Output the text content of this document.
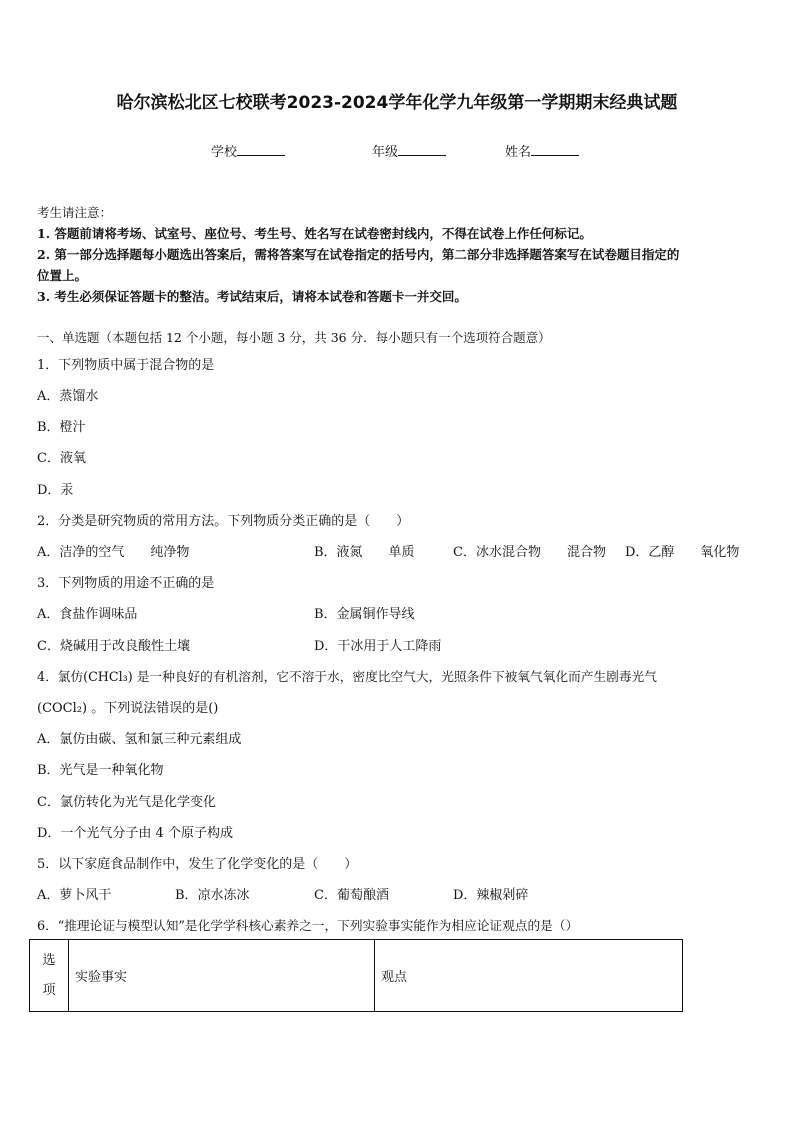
哈尔滨松北区七校联考2023-2024学年化学九年级第一学期期末经典试题
学校	年级	姓名
考生请注意：
1. 答题前请将考场、试室号、座位号、考生号、姓名写在试卷密封线内，不得在试卷上作任何标记。
2. 第一部分选择题每小题选出答案后，需将答案写在试卷指定的括号内，第二部分非选择题答案写在试卷题目指定的
位置上。
3. 考生必须保证答题卡的整洁。考试结束后，请将本试卷和答题卡一并交回。
一、单选题（本题包括 12 个小题，每小题 3 分，共 36 分．每小题只有一个选项符合题意）
1．下列物质中属于混合物的是
A．蒸馏水
B．橙汁
C．液氧
D．汞
2．分类是研究物质的常用方法。下列物质分类正确的是（　　）
A．洁净的空气　　纯净物	B．液氮　　单质	C．冰水混合物　　混合物 D．乙醇　　氧化物
3．下列物质的用途不正确的是
A．食盐作调味品	B．金属铜作导线
C．烧碱用于改良酸性土壤	D．干冰用于人工降雨
4．氯仿(CHCl₃) 是一种良好的有机溶剂，它不溶于水，密度比空气大，光照条件下被氧气氧化而产生剧毒光气
(COCl₂) 。下列说法错误的是()
A．氯仿由碳、氢和氯三种元素组成
B．光气是一种氧化物
C．氯仿转化为光气是化学变化
D．一个光气分子由 4 个原子构成
5．以下家庭食品制作中，发生了化学变化的是（　　）
A．萝卜风干	B．凉水冻冰	C．葡萄酿酒	D．辣椒剁碎
6．“推理论证与模型认知”是化学学科核心素养之一，下列实验事实能作为相应论证观点的是（）
选
项
	实验事实	观点
